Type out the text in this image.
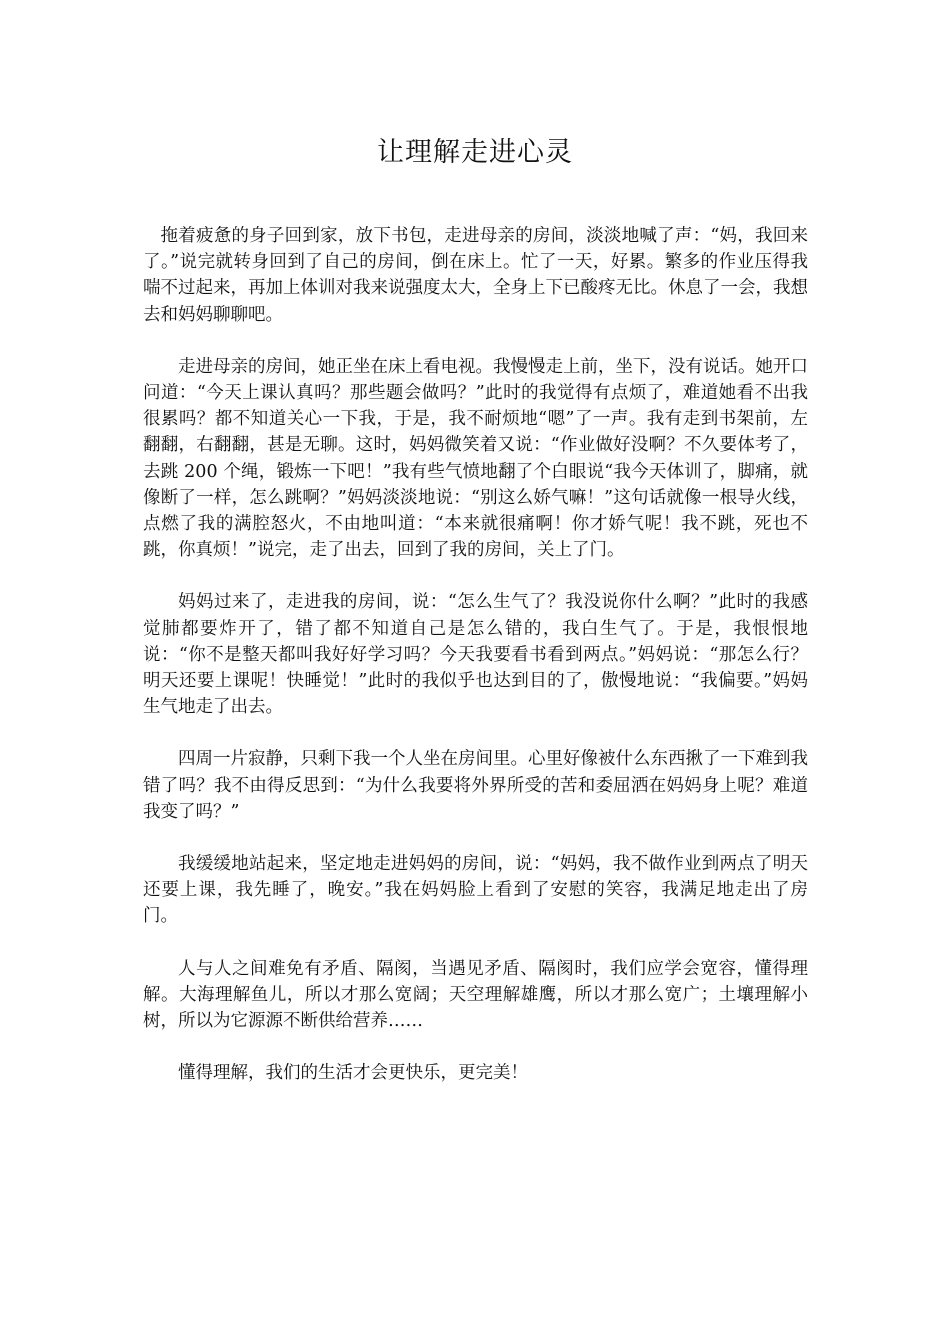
让理解走进心灵

拖着疲惫的身子回到家，放下书包，走进母亲的房间，淡淡地喊了声：“妈，我回来了。”说完就转身回到了自己的房间，倒在床上。忙了一天，好累。繁多的作业压得我喘不过起来，再加上体训对我来说强度太大，全身上下已酸疼无比。休息了一会，我想去和妈妈聊聊吧。

走进母亲的房间，她正坐在床上看电视。我慢慢走上前，坐下，没有说话。她开口问道：“今天上课认真吗？那些题会做吗？”此时的我觉得有点烦了，难道她看不出我很累吗？都不知道关心一下我，于是，我不耐烦地“嗯”了一声。我有走到书架前，左翻翻，右翻翻，甚是无聊。这时，妈妈微笑着又说：“作业做好没啊？不久要体考了，去跳 200 个绳，锻炼一下吧！”我有些气愤地翻了个白眼说“我今天体训了，脚痛，就像断了一样，怎么跳啊？”妈妈淡淡地说：“别这么娇气嘛！”这句话就像一根导火线，点燃了我的满腔怒火，不由地叫道：“本来就很痛啊！你才娇气呢！我不跳，死也不跳，你真烦！”说完，走了出去，回到了我的房间，关上了门。

妈妈过来了，走进我的房间，说：“怎么生气了？我没说你什么啊？”此时的我感觉肺都要炸开了，错了都不知道自己是怎么错的，我白生气了。于是，我恨恨地说：“你不是整天都叫我好好学习吗？今天我要看书看到两点。”妈妈说：“那怎么行？明天还要上课呢！快睡觉！”此时的我似乎也达到目的了，傲慢地说：“我偏要。”妈妈生气地走了出去。

四周一片寂静，只剩下我一个人坐在房间里。心里好像被什么东西揪了一下难到我错了吗？我不由得反思到：“为什么我要将外界所受的苦和委屈洒在妈妈身上呢？难道我变了吗？”

我缓缓地站起来，坚定地走进妈妈的房间，说：“妈妈，我不做作业到两点了明天还要上课，我先睡了，晚安。”我在妈妈脸上看到了安慰的笑容，我满足地走出了房门。

人与人之间难免有矛盾、隔阂，当遇见矛盾、隔阂时，我们应学会宽容，懂得理解。大海理解鱼儿，所以才那么宽阔；天空理解雄鹰，所以才那么宽广；土壤理解小树，所以为它源源不断供给营养……

懂得理解，我们的生活才会更快乐，更完美！
